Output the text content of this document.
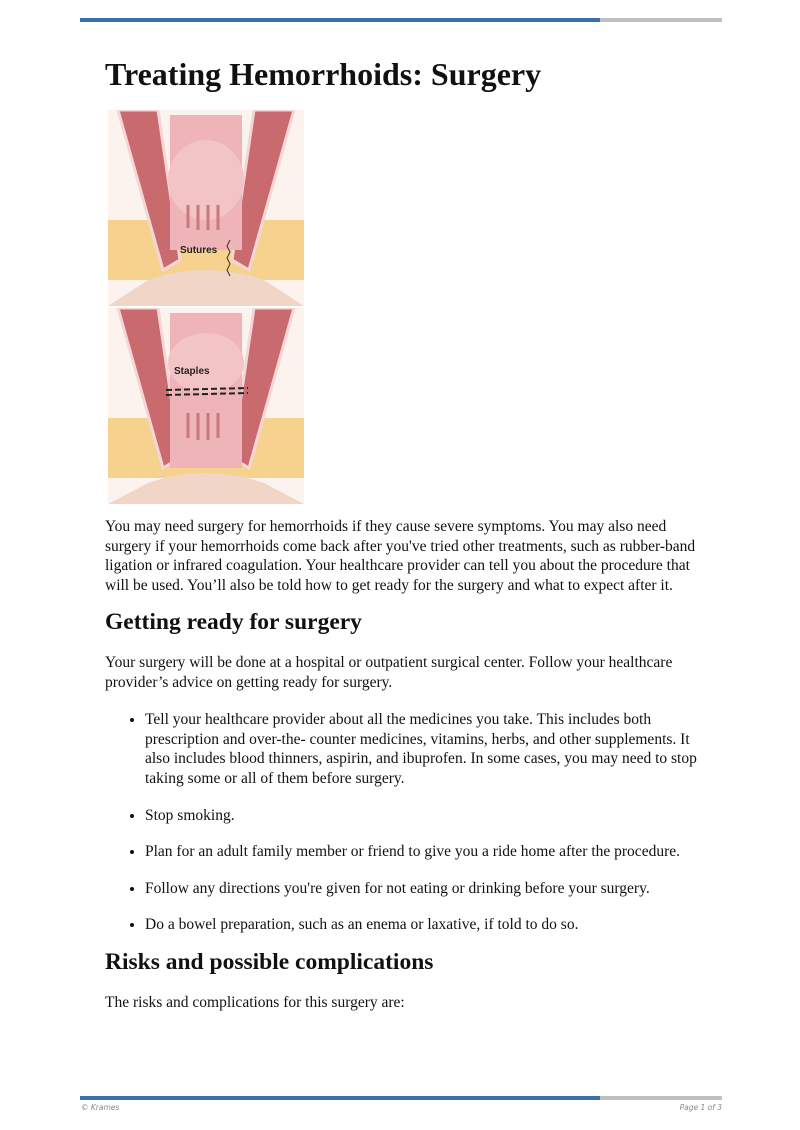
Treating Hemorrhoids: Surgery
Sutures
Staples

You may need surgery for hemorrhoids if they cause severe symptoms. You may also need surgery if your hemorrhoids come back after you've tried other treatments, such as rubber-band ligation or infrared coagulation. Your healthcare provider can tell you about the procedure that will be used. You’ll also be told how to get ready for the surgery and what to expect after it.

Getting ready for surgery

Your surgery will be done at a hospital or outpatient surgical center. Follow your healthcare provider’s advice on getting ready for surgery.

• Tell your healthcare provider about all the medicines you take. This includes both prescription and over-the- counter medicines, vitamins, herbs, and other supplements. It also includes blood thinners, aspirin, and ibuprofen. In some cases, you may need to stop taking some or all of them before surgery.
• Stop smoking.
• Plan for an adult family member or friend to give you a ride home after the procedure.
• Follow any directions you're given for not eating or drinking before your surgery.
• Do a bowel preparation, such as an enema or laxative, if told to do so.
Risks and possible complications

The risks and complications for this surgery are:

© Krames	Page 1 of 3
